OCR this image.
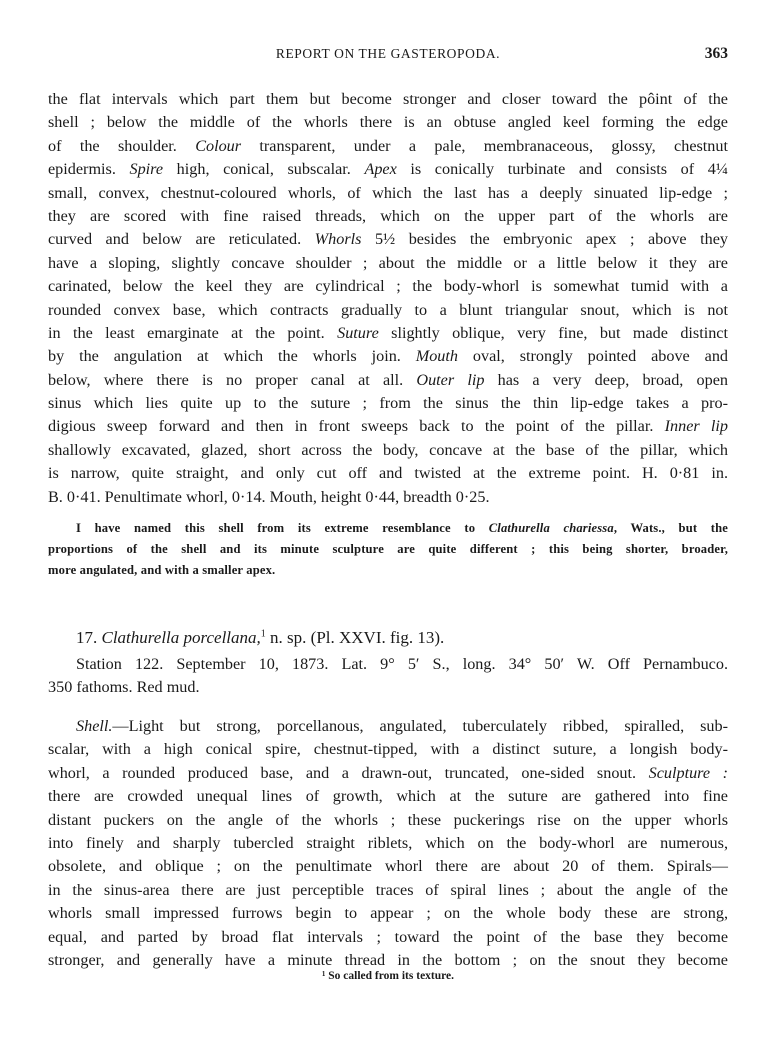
REPORT ON THE GASTEROPODA.	363
the flat intervals which part them but become stronger and closer toward the pôint of the
shell ; below the middle of the whorls there is an obtuse angled keel forming the edge
of the shoulder. Colour transparent, under a pale, membranaceous, glossy, chestnut
epidermis. Spire high, conical, subscalar. Apex is conically turbinate and consists of 4¼
small, convex, chestnut-coloured whorls, of which the last has a deeply sinuated lip-edge ;
they are scored with fine raised threads, which on the upper part of the whorls are
curved and below are reticulated. Whorls 5½ besides the embryonic apex ; above they
have a sloping, slightly concave shoulder ; about the middle or a little below it they are
carinated, below the keel they are cylindrical ; the body-whorl is somewhat tumid with a
rounded convex base, which contracts gradually to a blunt triangular snout, which is not
in the least emarginate at the point. Suture slightly oblique, very fine, but made distinct
by the angulation at which the whorls join. Mouth oval, strongly pointed above and
below, where there is no proper canal at all. Outer lip has a very deep, broad, open
sinus which lies quite up to the suture ; from the sinus the thin lip-edge takes a pro-
digious sweep forward and then in front sweeps back to the point of the pillar. Inner lip
shallowly excavated, glazed, short across the body, concave at the base of the pillar, which
is narrow, quite straight, and only cut off and twisted at the extreme point. H. 0·81 in.
B. 0·41. Penultimate whorl, 0·14. Mouth, height 0·44, breadth 0·25.
I have named this shell from its extreme resemblance to Clathurella chariessa, Wats., but the
proportions of the shell and its minute sculpture are quite different ; this being shorter, broader,
more angulated, and with a smaller apex.
17. Clathurella porcellana,$^1$ n. sp. (Pl. XXVI. fig. 13).
Station 122. September 10, 1873. Lat. 9° 5′ S., long. 34° 50′ W. Off Pernambuco.
350 fathoms. Red mud.
Shell.—Light but strong, porcellanous, angulated, tuberculately ribbed, spiralled, sub-
scalar, with a high conical spire, chestnut-tipped, with a distinct suture, a longish body-
whorl, a rounded produced base, and a drawn-out, truncated, one-sided snout. Sculpture :
there are crowded unequal lines of growth, which at the suture are gathered into fine
distant puckers on the angle of the whorls ; these puckerings rise on the upper whorls
into finely and sharply tubercled straight riblets, which on the body-whorl are numerous,
obsolete, and oblique ; on the penultimate whorl there are about 20 of them. Spirals—
in the sinus-area there are just perceptible traces of spiral lines ; about the angle of the
whorls small impressed furrows begin to appear ; on the whole body these are strong,
equal, and parted by broad flat intervals ; toward the point of the base they become
stronger, and generally have a minute thread in the bottom ; on the snout they become
¹ So called from its texture.
